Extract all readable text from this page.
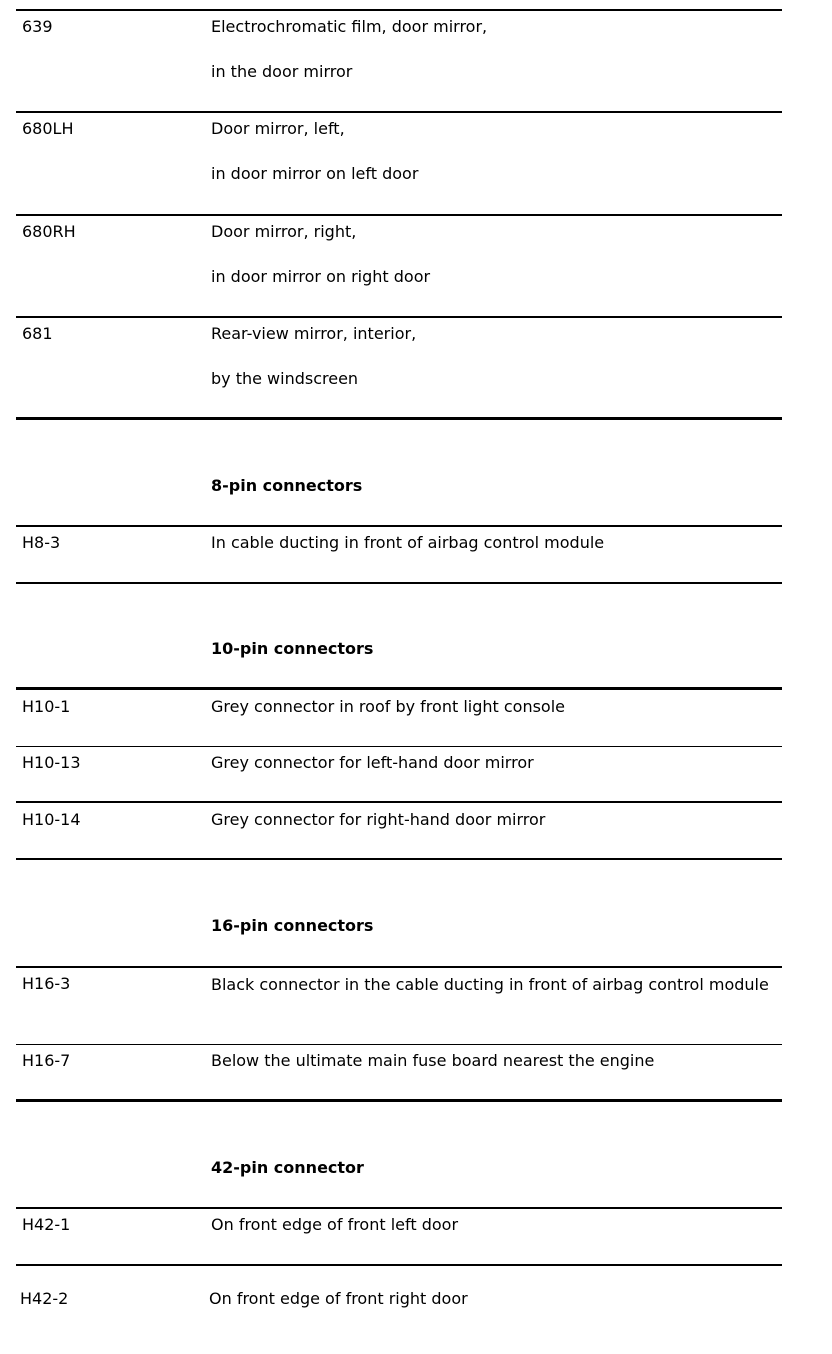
639	Electrochromatic film, door mirror,
in the door mirror
680LH	Door mirror, left,
in door mirror on left door
680RH	Door mirror, right,
in door mirror on right door
681	Rear-view mirror, interior,
by the windscreen
8-pin connectors
H8-3	In cable ducting in front of airbag control module
10-pin connectors
H10-1	Grey connector in roof by front light console
H10-13	Grey connector for left-hand door mirror
H10-14	Grey connector for right-hand door mirror
16-pin connectors
H16-3	Black connector in the cable ducting in front of airbag control module
H16-7	Below the ultimate main fuse board nearest the engine
42-pin connector
H42-1	On front edge of front left door
H42-2	On front edge of front right door
